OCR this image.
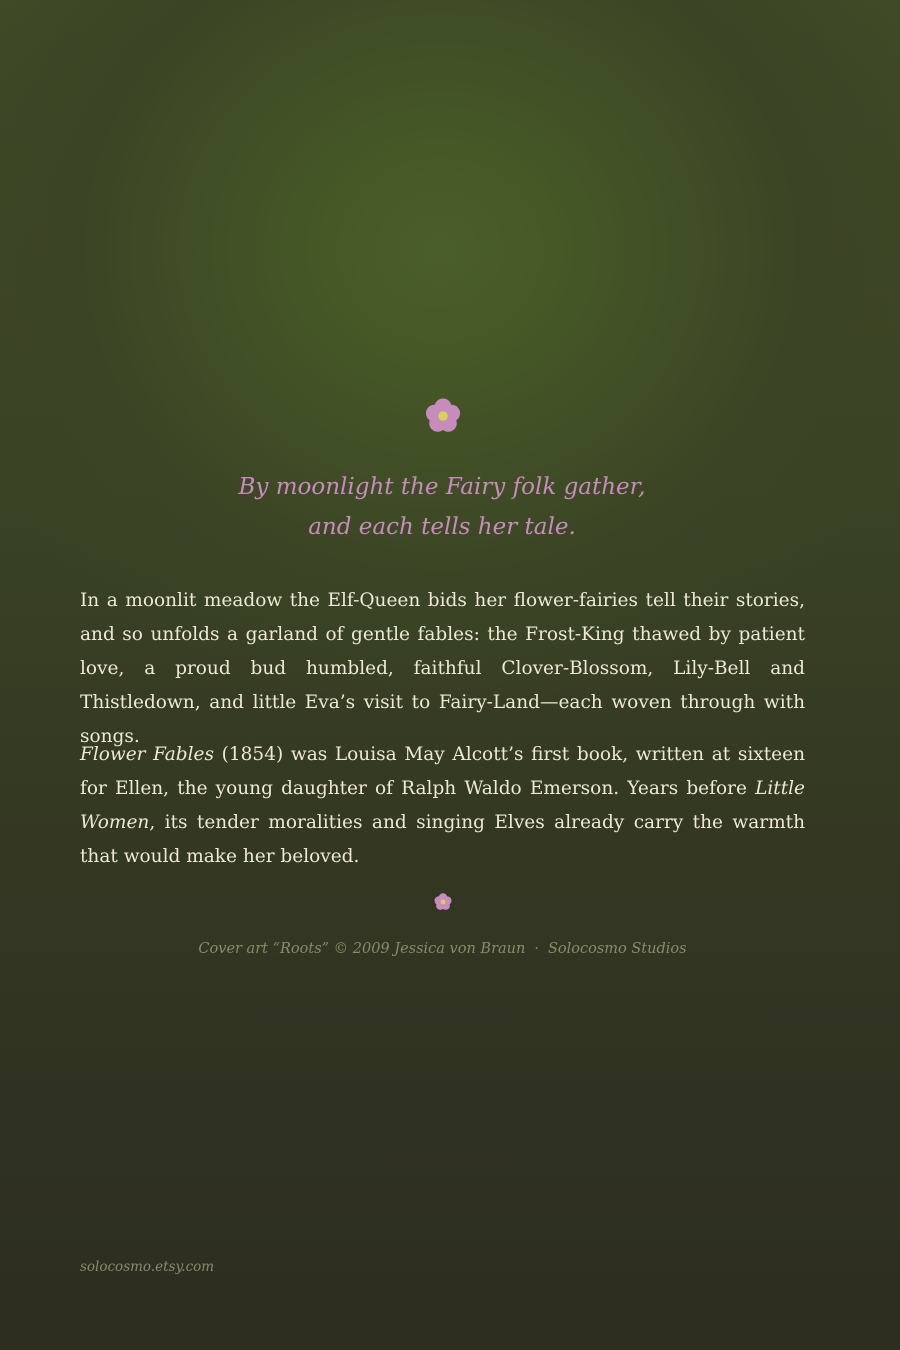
By moonlight the Fairy folk gather,

and each tells her tale.

In a moonlit meadow the Elf-Queen bids her flower-fairies tell their stories, and so unfolds a garland of gentle fables: the Frost-King thawed by patient love, a proud bud humbled, faithful Clover-Blossom, Lily-Bell and Thistledown, and little Eva’s visit to Fairy-Land—each woven through with songs.

Flower Fables (1854) was Louisa May Alcott’s first book, written at sixteen for Ellen, the young daughter of Ralph Waldo Emerson. Years before Little Women, its tender moralities and singing Elves already carry the warmth that would make her beloved.

Cover art “Roots” © 2009 Jessica von Braun · Solocosmo Studios

solocosmo.etsy.com
